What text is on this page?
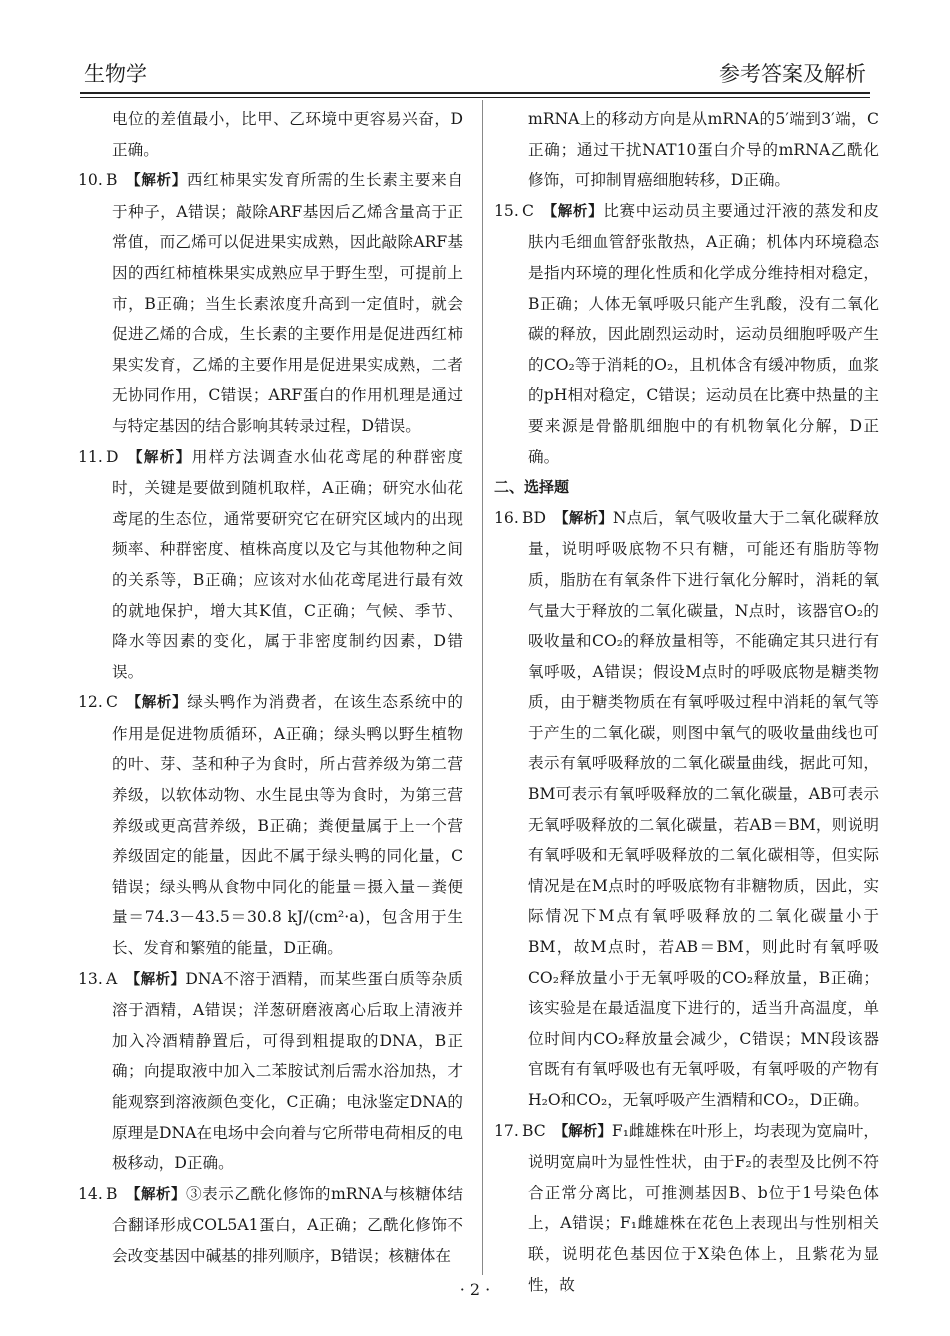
生物学	参考答案及解析

电位的差值最小，比甲、乙环境中更容易兴奋，D正确。

10. B 【解析】西红柿果实发育所需的生长素主要来自于种子，A错误；敲除ARF基因后乙烯含量高于正常值，而乙烯可以促进果实成熟，因此敲除ARF基因的西红柿植株果实成熟应早于野生型，可提前上市，B正确；当生长素浓度升高到一定值时，就会促进乙烯的合成，生长素的主要作用是促进西红柿果实发育，乙烯的主要作用是促进果实成熟，二者无协同作用，C错误；ARF蛋白的作用机理是通过与特定基因的结合影响其转录过程，D错误。

11. D 【解析】用样方法调查水仙花鸢尾的种群密度时，关键是要做到随机取样，A正确；研究水仙花鸢尾的生态位，通常要研究它在研究区域内的出现频率、种群密度、植株高度以及它与其他物种之间的关系等，B正确；应该对水仙花鸢尾进行最有效的就地保护，增大其K值，C正确；气候、季节、降水等因素的变化，属于非密度制约因素，D错误。

12. C 【解析】绿头鸭作为消费者，在该生态系统中的作用是促进物质循环，A正确；绿头鸭以野生植物的叶、芽、茎和种子为食时，所占营养级为第二营养级，以软体动物、水生昆虫等为食时，为第三营养级或更高营养级，B正确；粪便量属于上一个营养级固定的能量，因此不属于绿头鸭的同化量，C错误；绿头鸭从食物中同化的能量＝摄入量－粪便量＝74.3－43.5＝30.8 kJ/(cm²·a)，包含用于生长、发育和繁殖的能量，D正确。

13. A 【解析】DNA不溶于酒精，而某些蛋白质等杂质溶于酒精，A错误；洋葱研磨液离心后取上清液并加入冷酒精静置后，可得到粗提取的DNA，B正确；向提取液中加入二苯胺试剂后需水浴加热，才能观察到溶液颜色变化，C正确；电泳鉴定DNA的原理是DNA在电场中会向着与它所带电荷相反的电极移动，D正确。

14. B 【解析】③表示乙酰化修饰的mRNA与核糖体结合翻译形成COL5A1蛋白，A正确；乙酰化修饰不会改变基因中碱基的排列顺序，B错误；核糖体在

mRNA上的移动方向是从mRNA的5′端到3′端，C正确；通过干扰NAT10蛋白介导的mRNA乙酰化修饰，可抑制胃癌细胞转移，D正确。

15. C 【解析】比赛中运动员主要通过汗液的蒸发和皮肤内毛细血管舒张散热，A正确；机体内环境稳态是指内环境的理化性质和化学成分维持相对稳定，B正确；人体无氧呼吸只能产生乳酸，没有二氧化碳的释放，因此剧烈运动时，运动员细胞呼吸产生的CO₂等于消耗的O₂，且机体含有缓冲物质，血浆的pH相对稳定，C错误；运动员在比赛中热量的主要来源是骨骼肌细胞中的有机物氧化分解，D正确。

二、选择题

16. BD 【解析】N点后，氧气吸收量大于二氧化碳释放量，说明呼吸底物不只有糖，可能还有脂肪等物质，脂肪在有氧条件下进行氧化分解时，消耗的氧气量大于释放的二氧化碳量，N点时，该器官O₂的吸收量和CO₂的释放量相等，不能确定其只进行有氧呼吸，A错误；假设M点时的呼吸底物是糖类物质，由于糖类物质在有氧呼吸过程中消耗的氧气等于产生的二氧化碳，则图中氧气的吸收量曲线也可表示有氧呼吸释放的二氧化碳量曲线，据此可知，BM可表示有氧呼吸释放的二氧化碳量，AB可表示无氧呼吸释放的二氧化碳量，若AB＝BM，则说明有氧呼吸和无氧呼吸释放的二氧化碳相等，但实际情况是在M点时的呼吸底物有非糖物质，因此，实际情况下M点有氧呼吸释放的二氧化碳量小于BM，故M点时，若AB＝BM，则此时有氧呼吸CO₂释放量小于无氧呼吸的CO₂释放量，B正确；该实验是在最适温度下进行的，适当升高温度，单位时间内CO₂释放量会减少，C错误；MN段该器官既有有氧呼吸也有无氧呼吸，有氧呼吸的产物有H₂O和CO₂，无氧呼吸产生酒精和CO₂，D正确。

17. BC 【解析】F₁雌雄株在叶形上，均表现为宽扁叶，说明宽扁叶为显性性状，由于F₂的表型及比例不符合正常分离比，可推测基因B、b位于1号染色体上，A错误；F₁雌雄株在花色上表现出与性别相关联，说明花色基因位于X染色体上，且紫花为显性，故

· 2 ·
